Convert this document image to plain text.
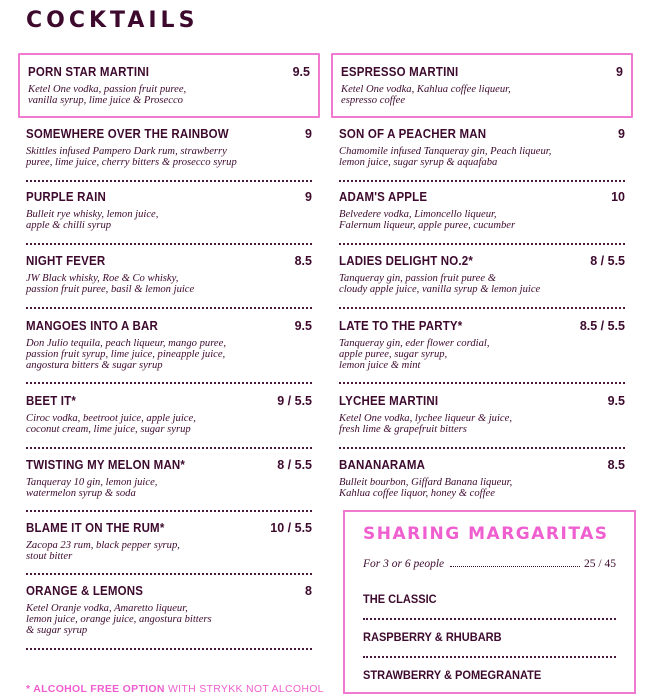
COCKTAILS
PORN STAR MARTINI	9.5
Ketel One vodka, passion fruit puree,
vanilla syrup, lime juice & Prosecco
SOMEWHERE OVER THE RAINBOW	9
Skittles infused Pampero Dark rum, strawberry
puree, lime juice, cherry bitters & prosecco syrup
PURPLE RAIN	9
Bulleit rye whisky, lemon juice,
apple & chilli syrup
NIGHT FEVER	8.5
JW Black whisky, Roe & Co whisky,
passion fruit puree, basil & lemon juice
MANGOES INTO A BAR	9.5
Don Julio tequila, peach liqueur, mango puree,
passion fruit syrup, lime juice, pineapple juice,
angostura bitters & sugar syrup
BEET IT*	9 / 5.5
Ciroc vodka, beetroot juice, apple juice,
coconut cream, lime juice, sugar syrup
TWISTING MY MELON MAN*	8 / 5.5
Tanqueray 10 gin, lemon juice,
watermelon syrup & soda
BLAME IT ON THE RUM*	10 / 5.5
Zacopa 23 rum, black pepper syrup,
stout bitter
ORANGE & LEMONS	8
Ketel Oranje vodka, Amaretto liqueur,
lemon juice, orange juice, angostura bitters
& sugar syrup
ESPRESSO MARTINI	9
Ketel One vodka, Kahlua coffee liqueur,
espresso coffee
SON OF A PEACHER MAN	9
Chamomile infused Tanqueray gin, Peach liqueur,
lemon juice, sugar syrup & aquafaba
ADAM'S APPLE	10
Belvedere vodka, Limoncello liqueur,
Falernum liqueur, apple puree, cucumber
LADIES DELIGHT NO.2*	8 / 5.5
Tanqueray gin, passion fruit puree &
cloudy apple juice, vanilla syrup & lemon juice
LATE TO THE PARTY*	8.5 / 5.5
Tanqueray gin, eder flower cordial,
apple puree, sugar syrup,
lemon juice & mint
LYCHEE MARTINI	9.5
Ketel One vodka, lychee liqueur & juice,
fresh lime & grapefruit bitters
BANANARAMA	8.5
Bulleit bourbon, Giffard Banana liqueur,
Kahlua coffee liquor, honey & coffee
SHARING MARGARITAS
For 3 or 6 people	25 / 45
THE CLASSIC
RASPBERRY & RHUBARB
STRAWBERRY & POMEGRANATE
* ALCOHOL FREE OPTION WITH STRYKK NOT ALCOHOL
